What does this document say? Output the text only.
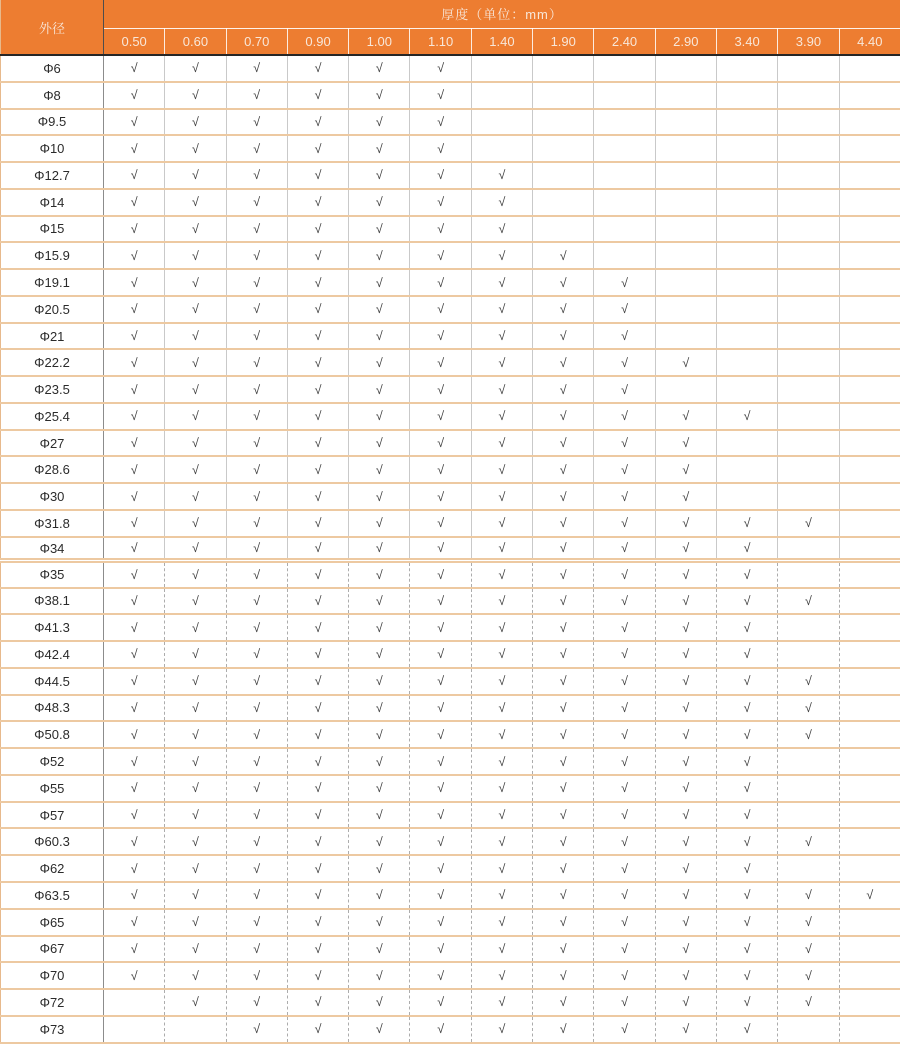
外径	厚度（单位：mm）												
	0.50	0.60	0.70	0.90	1.00	1.10	1.40	1.90	2.40	2.90	3.40	3.90	4.40
Φ6	√	√	√	√	√	√							
Φ8	√	√	√	√	√	√							
Φ9.5	√	√	√	√	√	√							
Φ10	√	√	√	√	√	√							
Φ12.7	√	√	√	√	√	√	√						
Φ14	√	√	√	√	√	√	√						
Φ15	√	√	√	√	√	√	√						
Φ15.9	√	√	√	√	√	√	√	√					
Φ19.1	√	√	√	√	√	√	√	√	√				
Φ20.5	√	√	√	√	√	√	√	√	√				
Φ21	√	√	√	√	√	√	√	√	√				
Φ22.2	√	√	√	√	√	√	√	√	√	√			
Φ23.5	√	√	√	√	√	√	√	√	√				
Φ25.4	√	√	√	√	√	√	√	√	√	√	√		
Φ27	√	√	√	√	√	√	√	√	√	√			
Φ28.6	√	√	√	√	√	√	√	√	√	√			
Φ30	√	√	√	√	√	√	√	√	√	√			
Φ31.8	√	√	√	√	√	√	√	√	√	√	√	√	
Φ34	√	√	√	√	√	√	√	√	√	√	√		
Φ35	√	√	√	√	√	√	√	√	√	√	√		
Φ38.1	√	√	√	√	√	√	√	√	√	√	√	√	
Φ41.3	√	√	√	√	√	√	√	√	√	√	√		
Φ42.4	√	√	√	√	√	√	√	√	√	√	√		
Φ44.5	√	√	√	√	√	√	√	√	√	√	√	√	
Φ48.3	√	√	√	√	√	√	√	√	√	√	√	√	
Φ50.8	√	√	√	√	√	√	√	√	√	√	√	√	
Φ52	√	√	√	√	√	√	√	√	√	√	√		
Φ55	√	√	√	√	√	√	√	√	√	√	√		
Φ57	√	√	√	√	√	√	√	√	√	√	√		
Φ60.3	√	√	√	√	√	√	√	√	√	√	√	√	
Φ62	√	√	√	√	√	√	√	√	√	√	√		
Φ63.5	√	√	√	√	√	√	√	√	√	√	√	√	√
Φ65	√	√	√	√	√	√	√	√	√	√	√	√	
Φ67	√	√	√	√	√	√	√	√	√	√	√	√	
Φ70	√	√	√	√	√	√	√	√	√	√	√	√	
Φ72		√	√	√	√	√	√	√	√	√	√	√	
Φ73			√	√	√	√	√	√	√	√	√		
